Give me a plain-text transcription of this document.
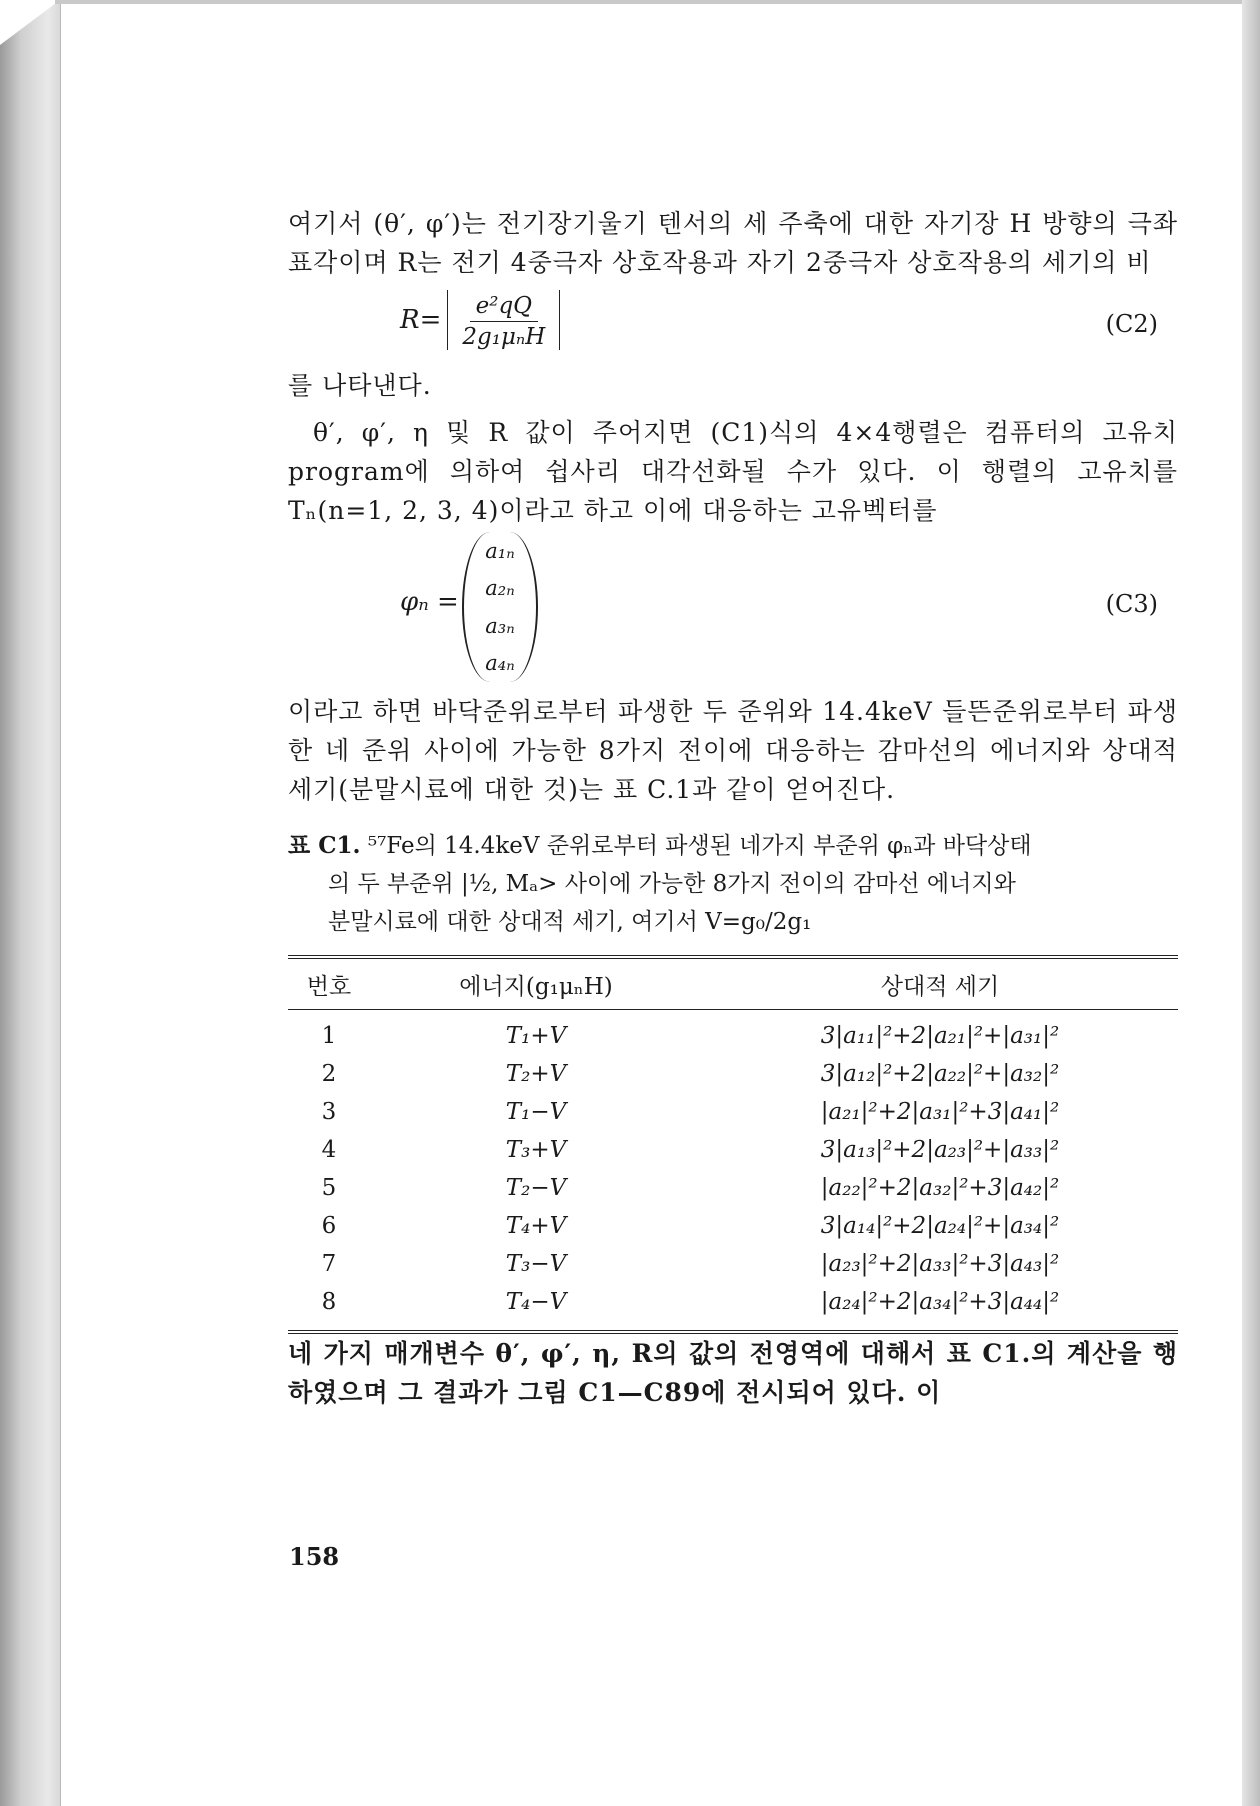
여기서 (θ′, φ′)는 전기장기울기 텐서의 세 주축에 대한 자기장 H 방향의 극좌표각이며 R는 전기 4중극자 상호작용과 자기 2중극자 상호작용의 세기의 비

$R= \frac{\text{e²qQ}}{\text{2g₁μₙH}}$	(C2)

를 나타낸다.

θ′, φ′, η 및 R 값이 주어지면 (C1)식의 4×4행렬은 컴퓨터의 고유치 program에 의하여 쉽사리 대각선화될 수가 있다. 이 행렬의 고유치를 Tₙ(n=1, 2, 3, 4)이라고 하고 이에 대응하는 고유벡터를

φₙ =
a₁ₙ
a₂ₙ
a₃ₙ
a₄ₙ
(C3)

이라고 하면 바닥준위로부터 파생한 두 준위와 14.4keV 들뜬준위로부터 파생한 네 준위 사이에 가능한 8가지 전이에 대응하는 감마선의 에너지와 상대적 세기(분말시료에 대한 것)는 표 C.1과 같이 얻어진다.

표 C1. ⁵⁷Fe의 14.4keV 준위로부터 파생된 네가지 부준위 φₙ과 바닥상태
의 두 부준위 |½, Mₐ> 사이에 가능한 8가지 전이의 감마선 에너지와
분말시료에 대한 상대적 세기, 여기서 V=g₀/2g₁
번호	에너지(g₁μₙH)	상대적 세기
1	T₁+V	3|a₁₁|²+2|a₂₁|²+|a₃₁|²
2	T₂+V	3|a₁₂|²+2|a₂₂|²+|a₃₂|²
3	T₁−V	|a₂₁|²+2|a₃₁|²+3|a₄₁|²
4	T₃+V	3|a₁₃|²+2|a₂₃|²+|a₃₃|²
5	T₂−V	|a₂₂|²+2|a₃₂|²+3|a₄₂|²
6	T₄+V	3|a₁₄|²+2|a₂₄|²+|a₃₄|²
7	T₃−V	|a₂₃|²+2|a₃₃|²+3|a₄₃|²
8	T₄−V	|a₂₄|²+2|a₃₄|²+3|a₄₄|²

네 가지 매개변수 θ′, φ′, η, R의 값의 전영역에 대해서 표 C1.의 계산을 행하였으며 그 결과가 그림 C1—C89에 전시되어 있다. 이

158
